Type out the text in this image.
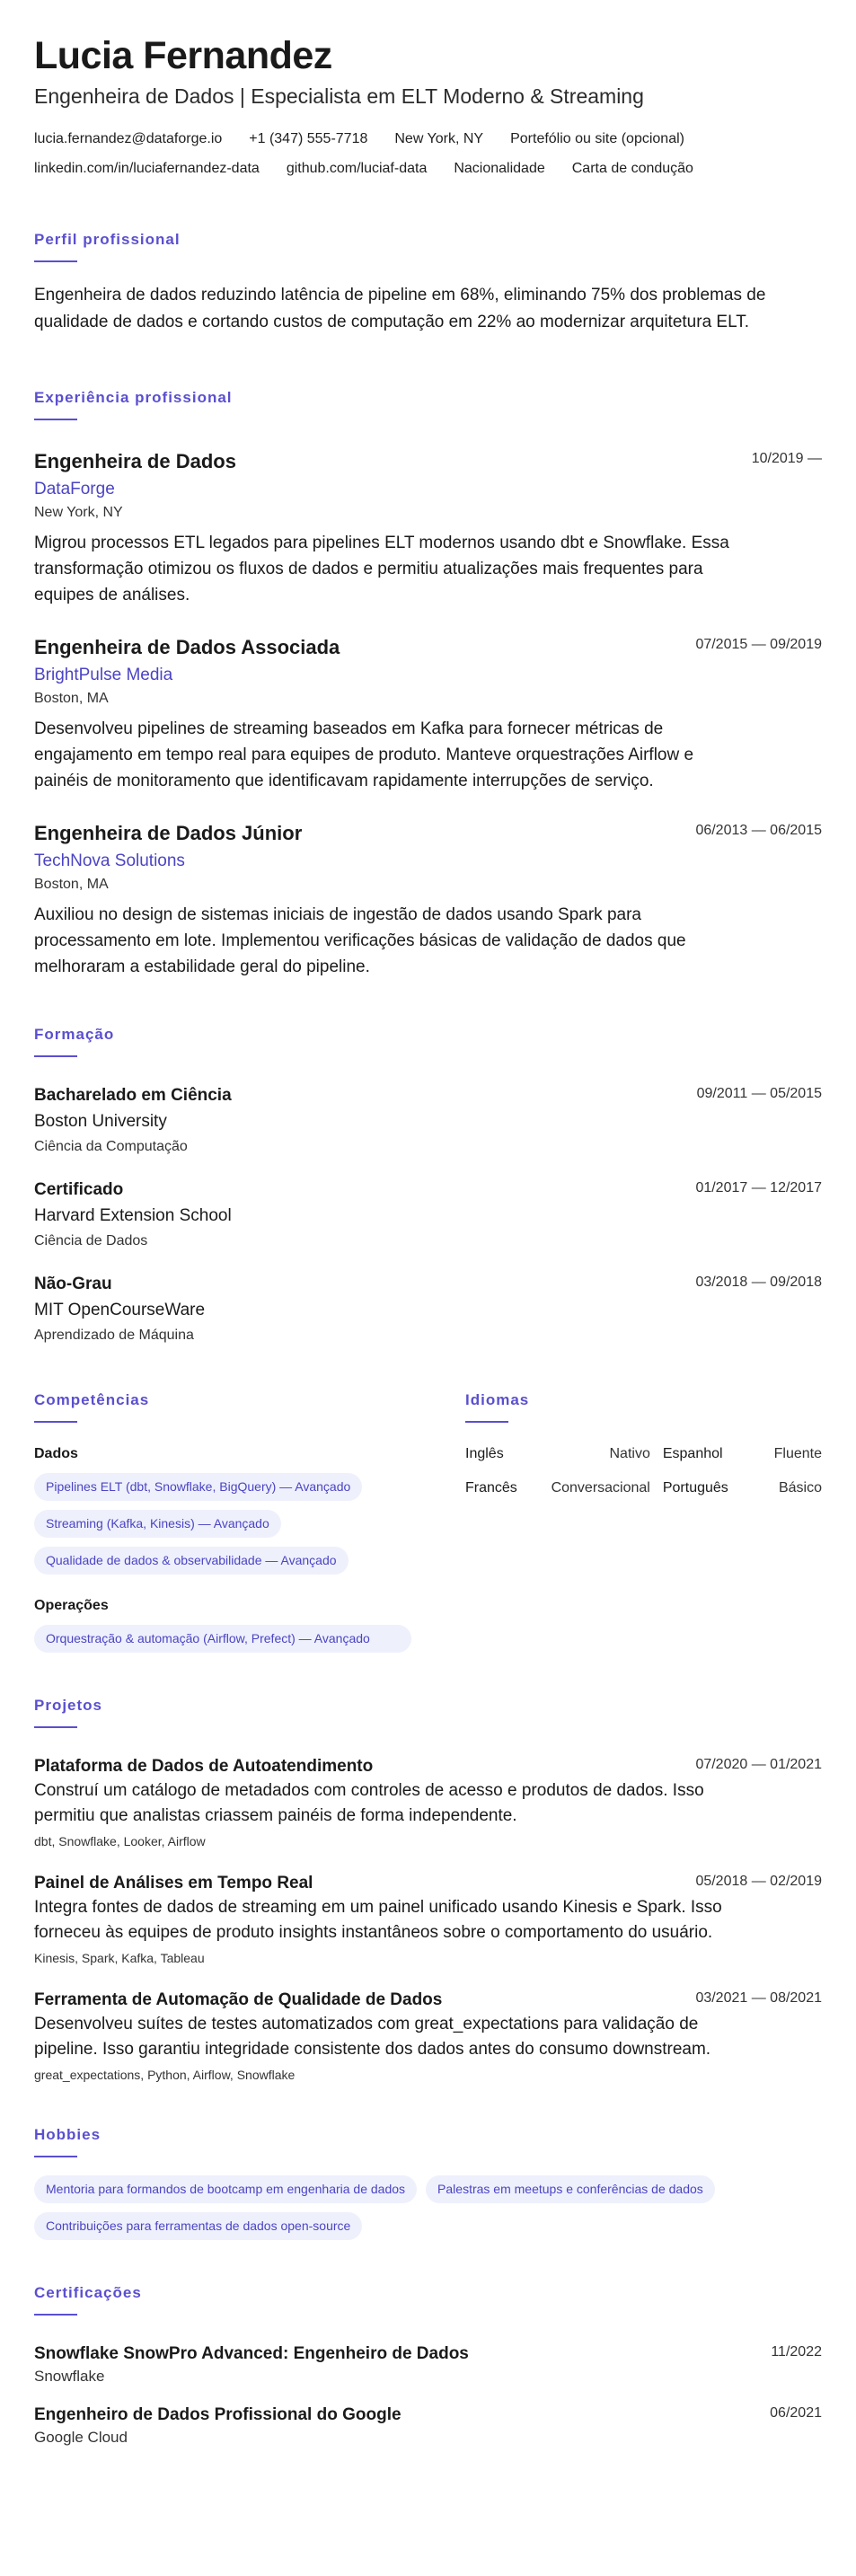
Lucia Fernandez
Engenheira de Dados | Especialista em ELT Moderno & Streaming
lucia.fernandez@dataforge.io +1 (347) 555-7718 New York, NY Portefólio ou site (opcional)
linkedin.com/in/luciafernandez-data github.com/luciaf-data Nacionalidade Carta de condução
Perfil profissional

Engenheira de dados reduzindo latência de pipeline em 68%, eliminando 75% dos problemas de qualidade de dados e cortando custos de computação em 22% ao modernizar arquitetura ELT.

Experiência profissional
10/2019 —
Engenheira de Dados
DataForge
New York, NY

Migrou processos ETL legados para pipelines ELT modernos usando dbt e Snowflake. Essa transformação otimizou os fluxos de dados e permitiu atualizações mais frequentes para equipes de análises.

07/2015 — 09/2019
Engenheira de Dados Associada
BrightPulse Media
Boston, MA

Desenvolveu pipelines de streaming baseados em Kafka para fornecer métricas de engajamento em tempo real para equipes de produto. Manteve orquestrações Airflow e painéis de monitoramento que identificavam rapidamente interrupções de serviço.

06/2013 — 06/2015
Engenheira de Dados Júnior
TechNova Solutions
Boston, MA

Auxiliou no design de sistemas iniciais de ingestão de dados usando Spark para processamento em lote. Implementou verificações básicas de validação de dados que melhoraram a estabilidade geral do pipeline.

Formação
09/2011 — 05/2015
Bacharelado em Ciência
Boston University
Ciência da Computação
01/2017 — 12/2017
Certificado
Harvard Extension School
Ciência de Dados
03/2018 — 09/2018
Não-Grau
MIT OpenCourseWare
Aprendizado de Máquina
Competências
Dados
Pipelines ELT (dbt, Snowflake, BigQuery) — Avançado
Streaming (Kafka, Kinesis) — Avançado
Qualidade de dados & observabilidade — Avançado
Operações
Orquestração & automação (Airflow, Prefect) — Avançado
Idiomas
Inglês	Nativo Espanhol	Fluente
Francês	Conversacional Português	Básico
Projetos
07/2020 — 01/2021
Plataforma de Dados de Autoatendimento

Construí um catálogo de metadados com controles de acesso e produtos de dados. Isso permitiu que analistas criassem painéis de forma independente.

dbt, Snowflake, Looker, Airflow
05/2018 — 02/2019
Painel de Análises em Tempo Real

Integra fontes de dados de streaming em um painel unificado usando Kinesis e Spark. Isso forneceu às equipes de produto insights instantâneos sobre o comportamento do usuário.

Kinesis, Spark, Kafka, Tableau
03/2021 — 08/2021
Ferramenta de Automação de Qualidade de Dados

Desenvolveu suítes de testes automatizados com great_expectations para validação de pipeline. Isso garantiu integridade consistente dos dados antes do consumo downstream.

great_expectations, Python, Airflow, Snowflake
Hobbies
Mentoria para formandos de bootcamp em engenharia de dados	Palestras em meetups e conferências de dados
Contribuições para ferramentas de dados open-source
Certificações
11/2022
Snowflake SnowPro Advanced: Engenheiro de Dados
Snowflake
06/2021
Engenheiro de Dados Profissional do Google
Google Cloud
